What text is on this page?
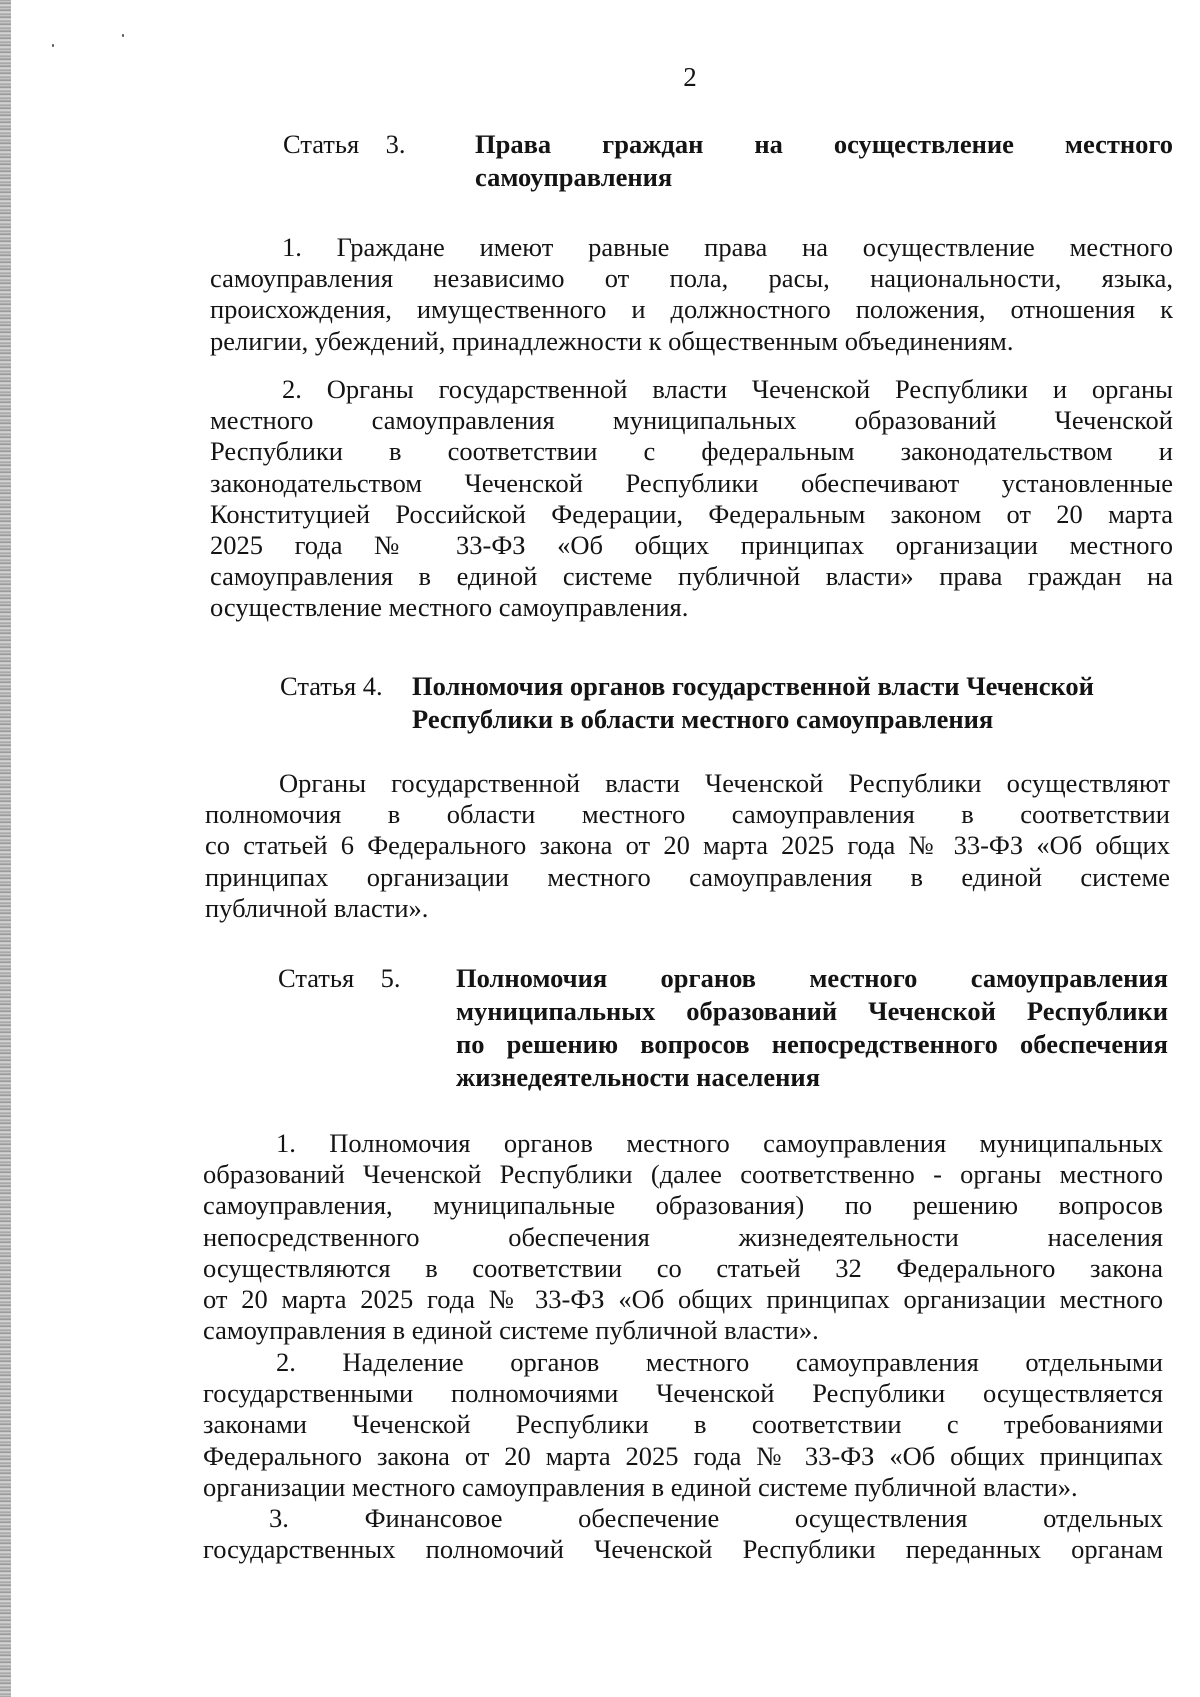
2
Статья    3.	Права граждан на осуществление местного
самоуправления
1. Граждане имеют равные права на осуществление местного
самоуправления независимо от пола, расы, национальности, языка,
происхождения, имущественного и должностного положения, отношения к
религии, убеждений, принадлежности к общественным объединениям.
2. Органы государственной власти Чеченской Республики и органы
местного самоуправления муниципальных образований Чеченской
Республики в соответствии с федеральным законодательством и
законодательством Чеченской Республики обеспечивают установленные
Конституцией Российской Федерации, Федеральным законом от 20 марта
2025 года № 33-ФЗ «Об общих принципах организации местного
самоуправления в единой системе публичной власти» права граждан на
осуществление местного самоуправления.
Статья 4. Полномочия органов государственной власти Чеченской
Республики в области местного самоуправления
Органы государственной власти Чеченской Республики осуществляют
полномочия в области местного самоуправления в соответствии
со статьей 6 Федерального закона от 20 марта 2025 года № 33-ФЗ «Об общих
принципах организации местного самоуправления в единой системе
публичной власти».
Статья    5. Полномочия органов местного самоуправления
муниципальных образований Чеченской Республики
по решению вопросов непосредственного обеспечения
жизнедеятельности населения
1. Полномочия органов местного самоуправления муниципальных
образований Чеченской Республики (далее соответственно - органы местного
самоуправления, муниципальные образования) по решению вопросов
непосредственного обеспечения жизнедеятельности населения
осуществляются в соответствии со статьей 32 Федерального закона
от 20 марта 2025 года № 33-ФЗ «Об общих принципах организации местного
самоуправления в единой системе публичной власти».
2. Наделение органов местного самоуправления отдельными
государственными полномочиями Чеченской Республики осуществляется
законами Чеченской Республики в соответствии с требованиями
Федерального закона от 20 марта 2025 года № 33-ФЗ «Об общих принципах
организации местного самоуправления в единой системе публичной власти».
3. Финансовое обеспечение осуществления отдельных
государственных полномочий Чеченской Республики переданных органам
